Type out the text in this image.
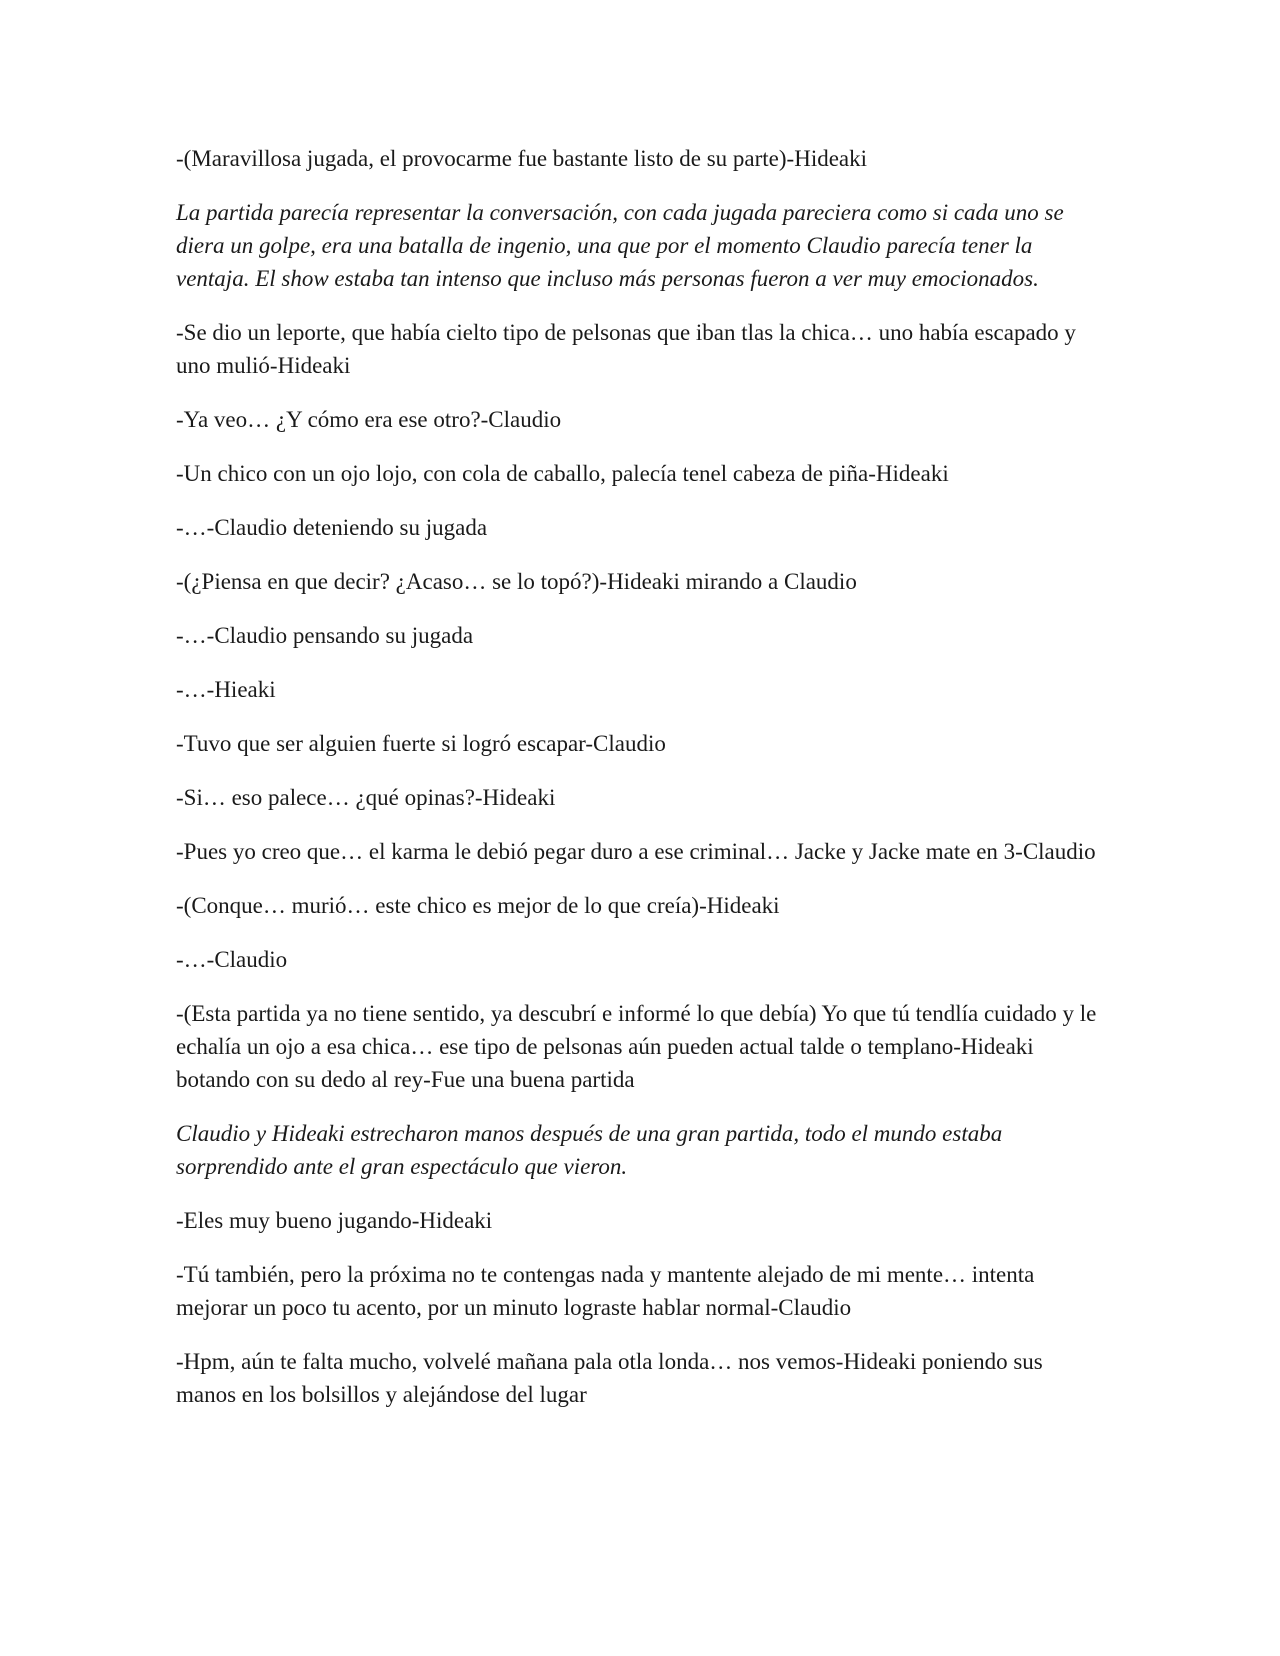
-(Maravillosa jugada, el provocarme fue bastante listo de su parte)-Hideaki

La partida parecía representar la conversación, con cada jugada pareciera como si cada uno se diera un golpe, era una batalla de ingenio, una que por el momento Claudio parecía tener la ventaja. El show estaba tan intenso que incluso más personas fueron a ver muy emocionados.

-Se dio un leporte, que había cielto tipo de pelsonas que iban tlas la chica… uno había escapado y uno mulió-Hideaki

-Ya veo… ¿Y cómo era ese otro?-Claudio

-Un chico con un ojo lojo, con cola de caballo, palecía tenel cabeza de piña-Hideaki

-…-Claudio deteniendo su jugada

-(¿Piensa en que decir? ¿Acaso… se lo topó?)-Hideaki mirando a Claudio

-…-Claudio pensando su jugada

-…-Hieaki

-Tuvo que ser alguien fuerte si logró escapar-Claudio

-Si… eso palece… ¿qué opinas?-Hideaki

-Pues yo creo que… el karma le debió pegar duro a ese criminal… Jacke y Jacke mate en 3-Claudio

-(Conque… murió… este chico es mejor de lo que creía)-Hideaki

-…-Claudio

-(Esta partida ya no tiene sentido, ya descubrí e informé lo que debía) Yo que tú tendlía cuidado y le echalía un ojo a esa chica… ese tipo de pelsonas aún pueden actual talde o templano-Hideaki botando con su dedo al rey-Fue una buena partida

Claudio y Hideaki estrecharon manos después de una gran partida, todo el mundo estaba sorprendido ante el gran espectáculo que vieron.

-Eles muy bueno jugando-Hideaki

-Tú también, pero la próxima no te contengas nada y mantente alejado de mi mente… intenta mejorar un poco tu acento, por un minuto lograste hablar normal-Claudio

-Hpm, aún te falta mucho, volvelé mañana pala otla londa… nos vemos-Hideaki poniendo sus manos en los bolsillos y alejándose del lugar
